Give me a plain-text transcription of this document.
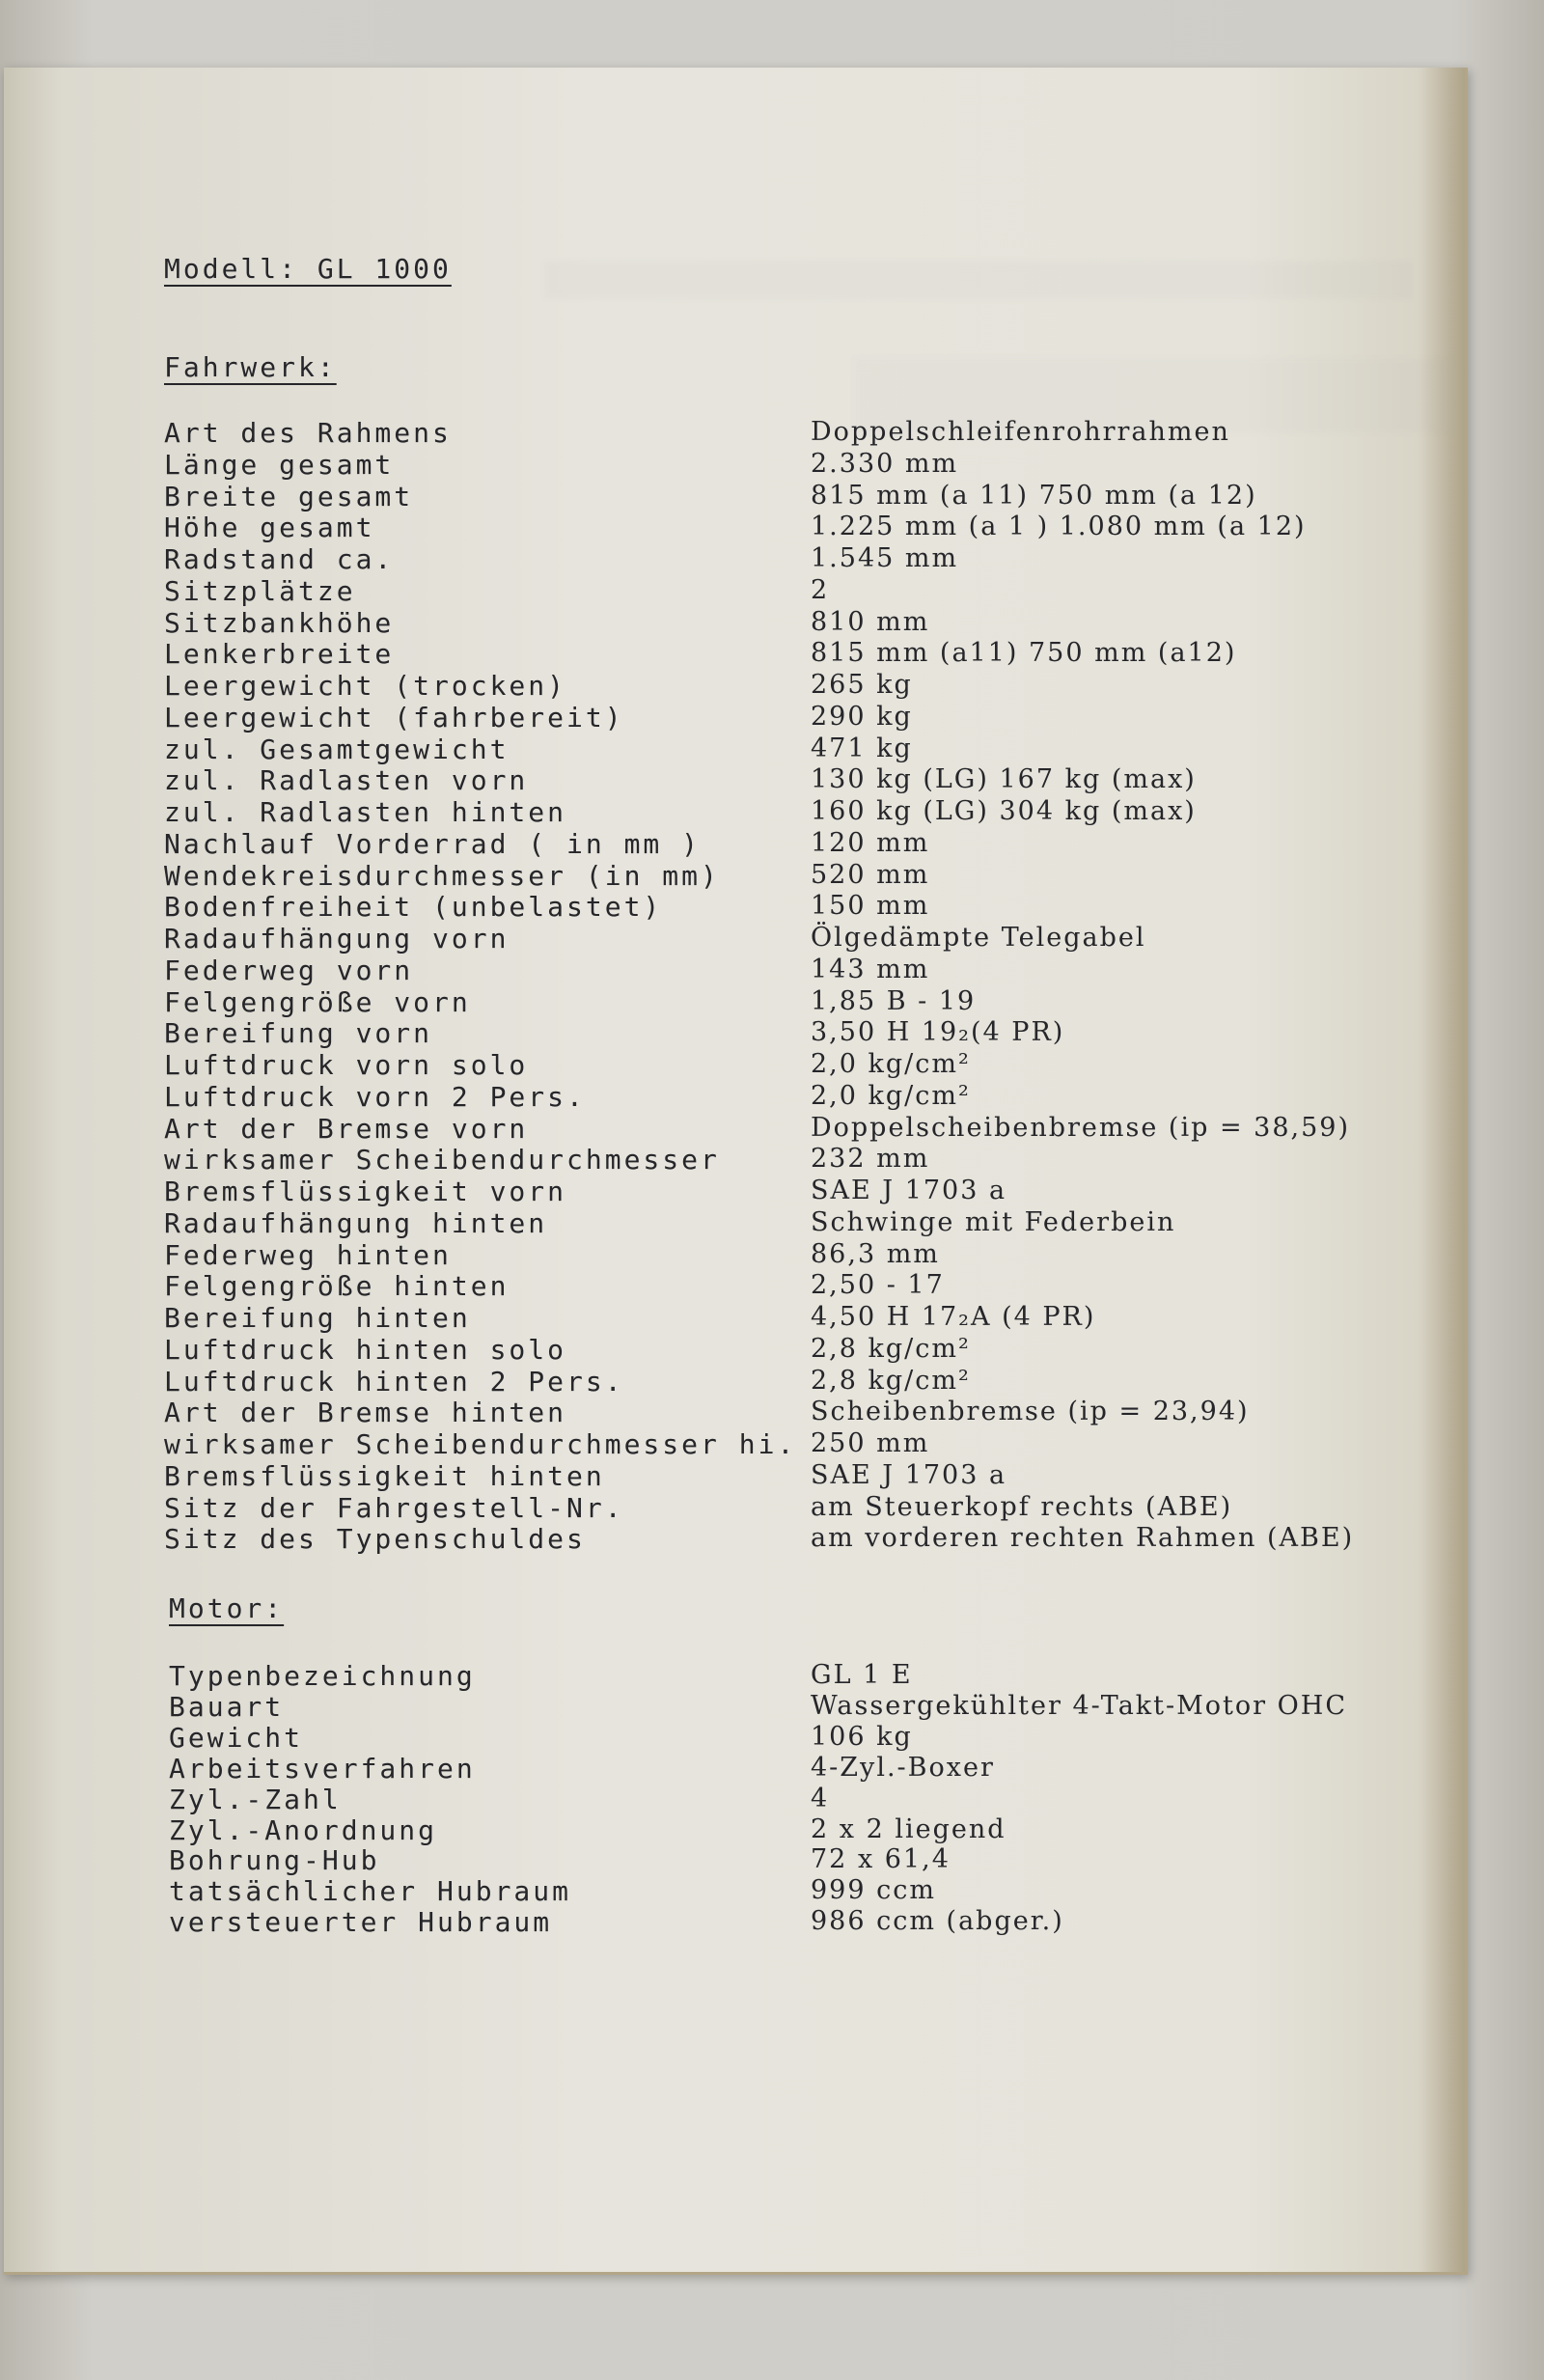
Modell: GL 1000
Fahrwerk:
Art des Rahmens	Doppelschleifenrohrrahmen
Länge gesamt	2.330 mm
Breite gesamt	815 mm (a 11) 750 mm (a 12)
Höhe gesamt	1.225 mm (a 1 ) 1.080 mm (a 12)
Radstand ca.	1.545 mm
Sitzplätze	2
Sitzbankhöhe	810 mm
Lenkerbreite	815 mm (a11) 750 mm (a12)
Leergewicht (trocken)	265 kg
Leergewicht (fahrbereit)	290 kg
zul. Gesamtgewicht	471 kg
zul. Radlasten vorn	130 kg (LG) 167 kg (max)
zul. Radlasten hinten	160 kg (LG) 304 kg (max)
Nachlauf Vorderrad ( in mm )	120 mm
Wendekreisdurchmesser (in mm)	520 mm
Bodenfreiheit (unbelastet)	150 mm
Radaufhängung vorn	Ölgedämpte Telegabel
Federweg vorn	143 mm
Felgengröße vorn	1,85 B - 19
Bereifung vorn	3,50 H 19₂(4 PR)
Luftdruck vorn solo	2,0 kg/cm²
Luftdruck vorn 2 Pers.	2,0 kg/cm²
Art der Bremse vorn	Doppelscheibenbremse (ip = 38,59)
wirksamer Scheibendurchmesser	232 mm
Bremsflüssigkeit vorn	SAE J 1703 a
Radaufhängung hinten	Schwinge mit Federbein
Federweg hinten	86,3 mm
Felgengröße hinten	2,50 - 17
Bereifung hinten	4,50 H 17₂A (4 PR)
Luftdruck hinten solo	2,8 kg/cm²
Luftdruck hinten 2 Pers.	2,8 kg/cm²
Art der Bremse hinten	Scheibenbremse (ip = 23,94)
wirksamer Scheibendurchmesser hi. 250 mm
Bremsflüssigkeit hinten	SAE J 1703 a
Sitz der Fahrgestell-Nr.	am Steuerkopf rechts (ABE)
Sitz des Typenschuldes	am vorderen rechten Rahmen (ABE)
Motor:
Typenbezeichnung	GL 1 E
Bauart	Wassergekühlter 4-Takt-Motor OHC
Gewicht	106 kg
Arbeitsverfahren	4-Zyl.-Boxer
Zyl.-Zahl	4
Zyl.-Anordnung	2 x 2 liegend
Bohrung-Hub	72 x 61,4
tatsächlicher Hubraum	999 ccm
versteuerter Hubraum	986 ccm (abger.)
